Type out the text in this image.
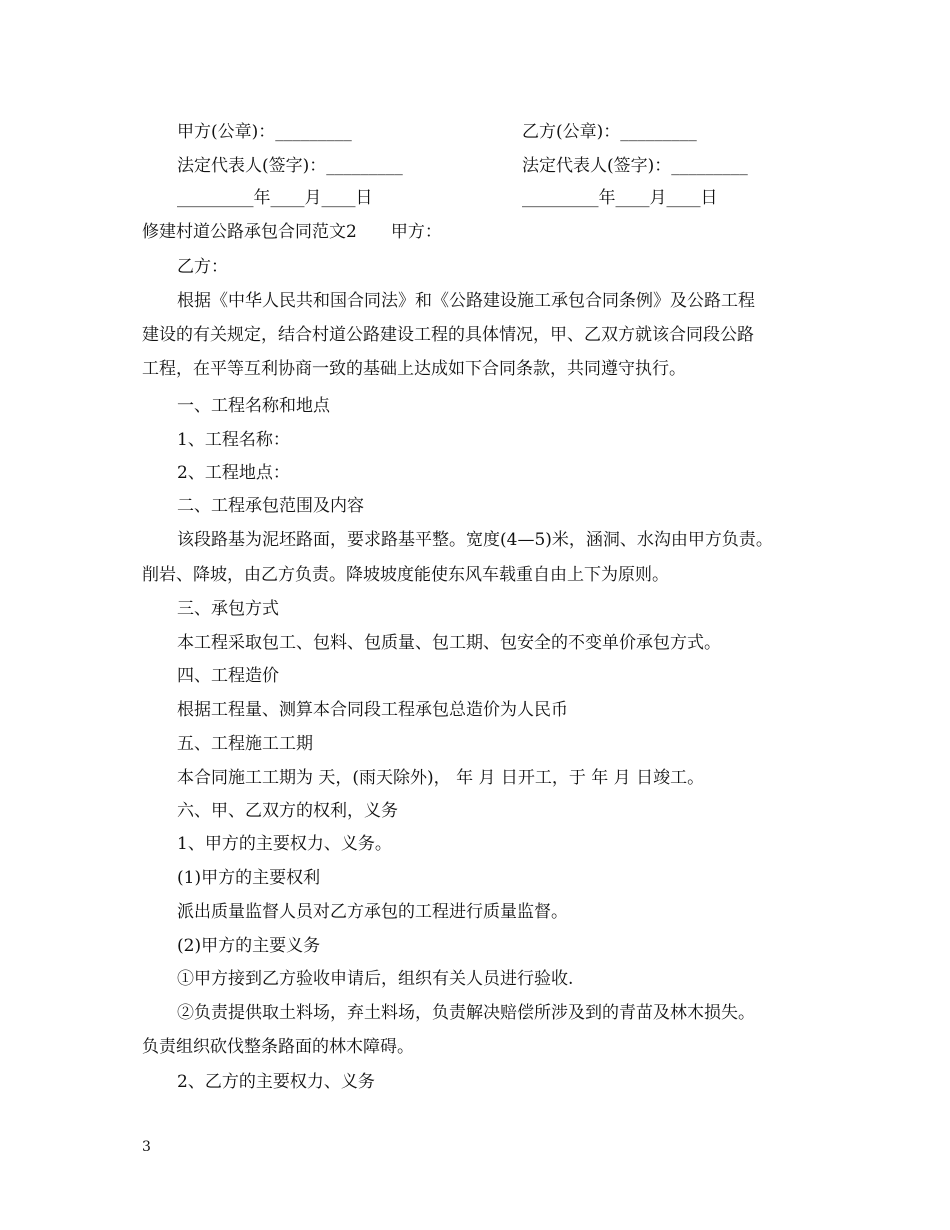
甲方(公章)：_________	乙方(公章)：_________
法定代表人(签字)：_________	法定代表人(签字)：_________
_________年____月____日	_________年____月____日
修建村道公路承包合同范文2　　甲方：
乙方：
根据《中华人民共和国合同法》和《公路建设施工承包合同条例》及公路工程
建设的有关规定，结合村道公路建设工程的具体情况，甲、乙双方就该合同段公路
工程，在平等互利协商一致的基础上达成如下合同条款，共同遵守执行。
一、工程名称和地点
1、工程名称：
2、工程地点：
二、工程承包范围及内容
该段路基为泥坯路面，要求路基平整。宽度(4—5)米，涵洞、水沟由甲方负责。
削岩、降坡，由乙方负责。降坡坡度能使东风车载重自由上下为原则。
三、承包方式
本工程采取包工、包料、包质量、包工期、包安全的不变单价承包方式。
四、工程造价
根据工程量、测算本合同段工程承包总造价为人民币
五、工程施工工期
本合同施工工期为 天，(雨天除外)， 年 月 日开工，于 年 月 日竣工。
六、甲、乙双方的权利，义务
1、甲方的主要权力、义务。
(1)甲方的主要权利
派出质量监督人员对乙方承包的工程进行质量监督。
(2)甲方的主要义务
①甲方接到乙方验收申请后，组织有关人员进行验收.
②负责提供取土料场，弃土料场，负责解决赔偿所涉及到的青苗及林木损失。
负责组织砍伐整条路面的林木障碍。
2、乙方的主要权力、义务
3
